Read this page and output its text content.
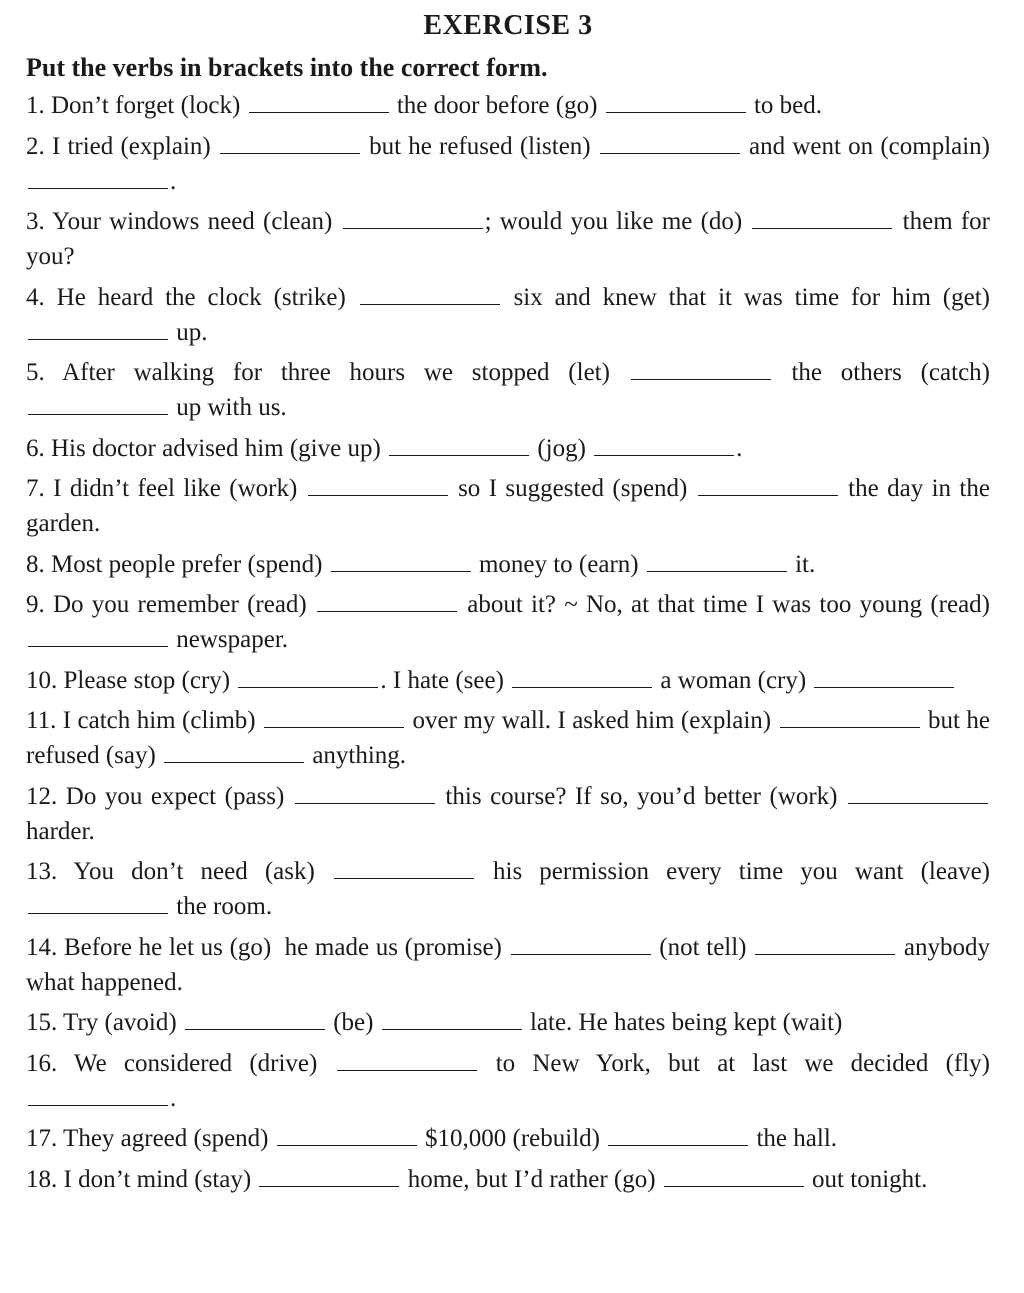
EXERCISE 3

Put the verbs in brackets into the correct form.

1. Don’t forget (lock)	the door before (go)	to bed.

2. I tried (explain)	but he refused (listen)	and went on (complain) .

3. Your windows need (clean)	; would you like me (do)	them for you?

4. He heard the clock (strike)	six and knew that it was time for him (get)  up.

5. After walking for three hours we stopped (let)	the others (catch)  up with us.

6. His doctor advised him (give up)	(jog)	.

7. I didn’t feel like (work)	so I suggested (spend)	the day in the garden.

8. Most people prefer (spend)	money to (earn)	it.

9. Do you remember (read)	about it? ~ No, at that time I was too young (read)  newspaper.

10. Please stop (cry)	. I hate (see)	a woman (cry)

11. I catch him (climb)	over my wall. I asked him (explain)	but he refused (say)	anything.

12. Do you expect (pass)	this course? If so, you’d better (work)	harder.

13. You don’t need (ask)	his permission every time you want (leave)  the room.

14. Before he let us (go)  he made us (promise)	(not tell)	anybody what happened.

15. Try (avoid)	(be)	late. He hates being kept (wait)

16. We considered (drive)	to New York, but at last we decided (fly) .

17. They agreed (spend)	$10,000 (rebuild)	the hall.

18. I don’t mind (stay)	home, but I’d rather (go)	out tonight.
